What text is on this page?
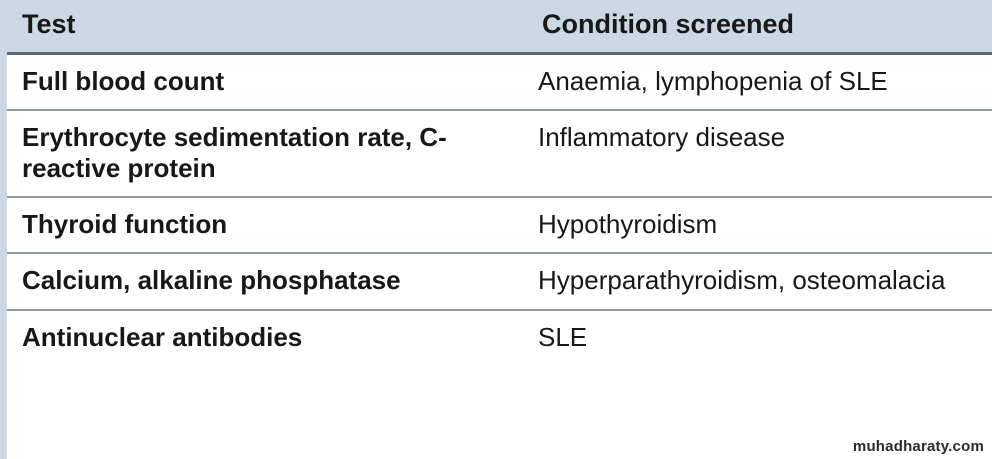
Test	Condition screened
Full blood count	Anaemia, lymphopenia of SLE
Erythrocyte sedimentation rate, C-reactive protein	Inflammatory disease
Thyroid function	Hypothyroidism
Calcium, alkaline phosphatase	Hyperparathyroidism, osteomalacia
Antinuclear antibodies	SLE
muhadharaty.com
